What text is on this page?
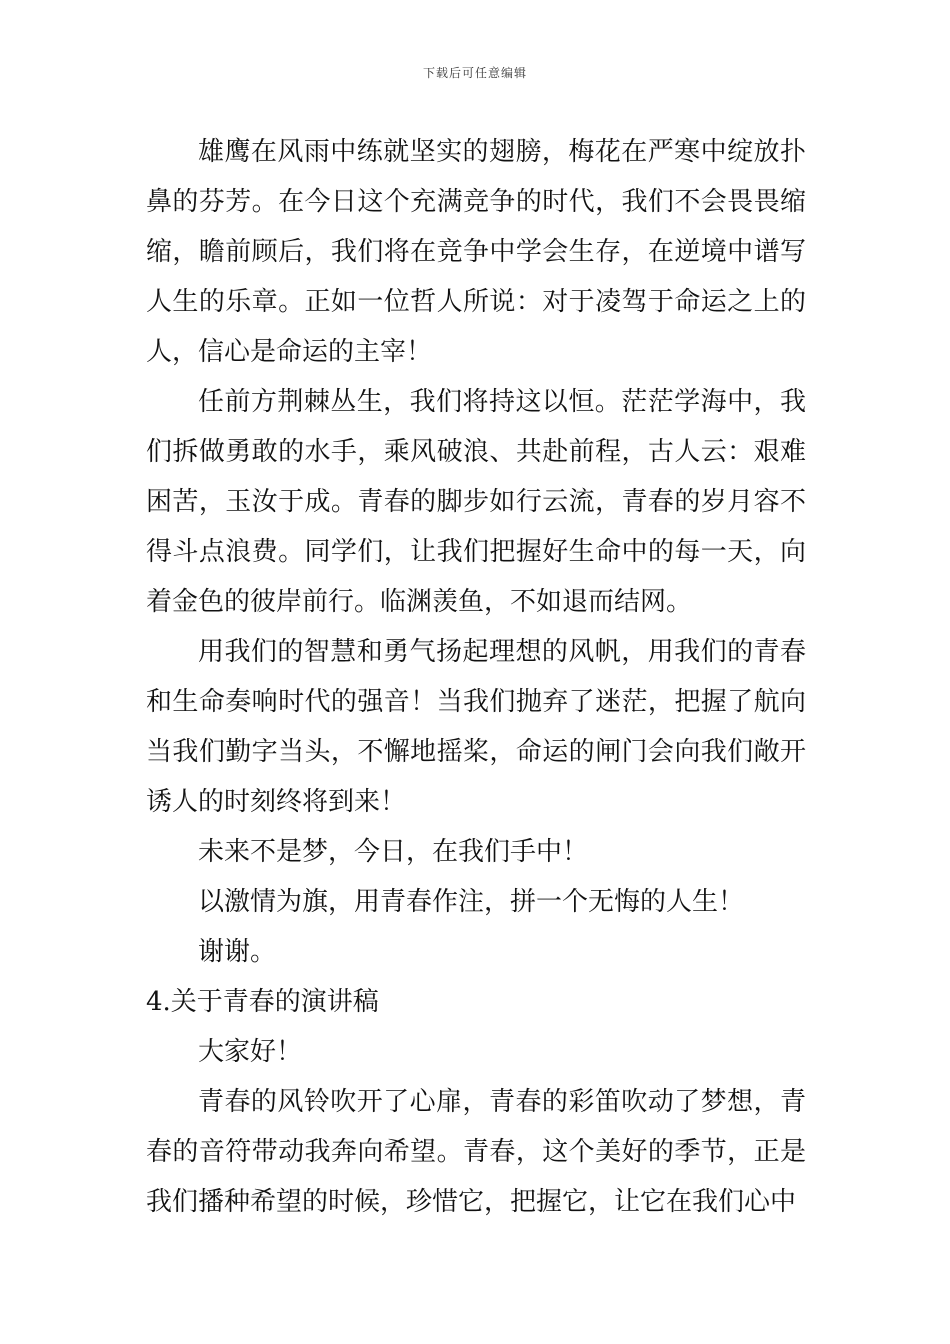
下载后可任意编辑

雄鹰在风雨中练就坚实的翅膀，梅花在严寒中绽放扑鼻的芬芳。在今日这个充满竞争的时代，我们不会畏畏缩缩，瞻前顾后，我们将在竞争中学会生存，在逆境中谱写人生的乐章。正如一位哲人所说：对于凌驾于命运之上的人，信心是命运的主宰！

任前方荆棘丛生，我们将持这以恒。茫茫学海中，我们拆做勇敢的水手，乘风破浪、共赴前程，古人云：艰难困苦，玉汝于成。青春的脚步如行云流，青春的岁月容不得斗点浪费。同学们，让我们把握好生命中的每一天，向着金色的彼岸前行。临渊羡鱼，不如退而结网。

用我们的智慧和勇气扬起理想的风帆，用我们的青春和生命奏响时代的强音！当我们抛弃了迷茫，把握了航向当我们勤字当头，不懈地摇桨，命运的闸门会向我们敞开诱人的时刻终将到来！

未来不是梦，今日，在我们手中！

以激情为旗，用青春作注，拼一个无悔的人生！

谢谢。

4.关于青春的演讲稿

大家好！

青春的风铃吹开了心扉，青春的彩笛吹动了梦想，青春的音符带动我奔向希望。青春，这个美好的季节，正是我们播种希望的时候，珍惜它，把握它，让它在我们心中
